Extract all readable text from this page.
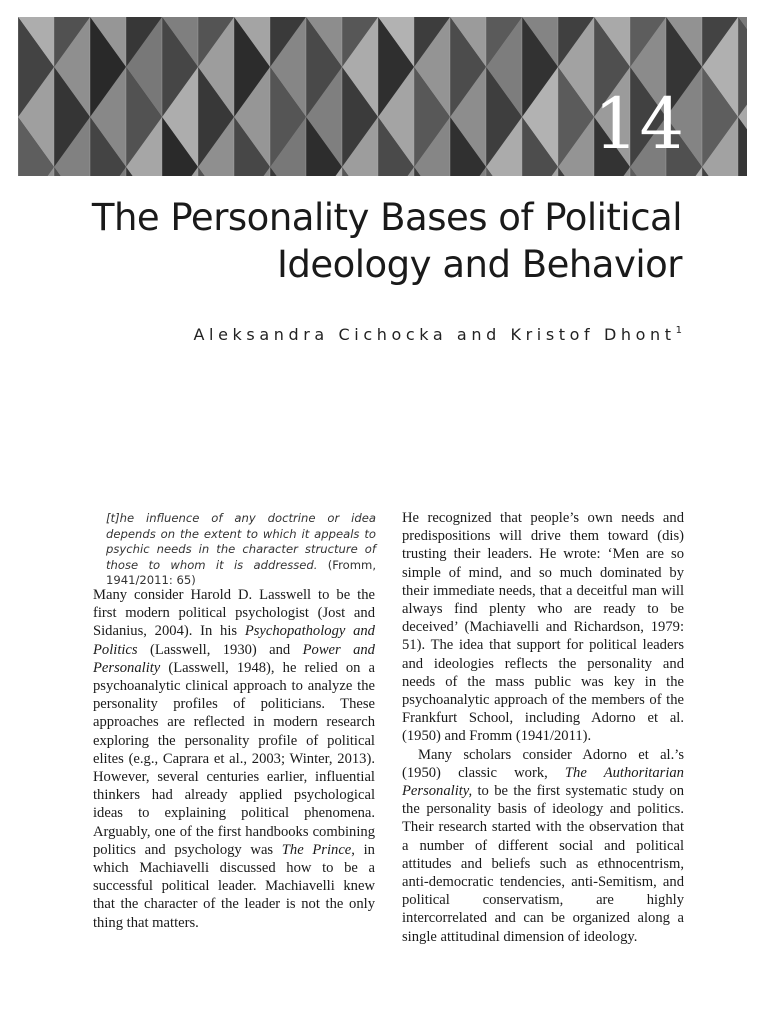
14
The Personality Bases of Political
Ideology and Behavior
Aleksandra Cichocka and Kristof Dhont$^1$
[t]he influence of any doctrine or idea depends on the extent to which it appeals to psychic needs in the character structure of those to whom it is addressed. (Fromm, 1941/2011: 65)

Many consider Harold D. Lasswell to be the first modern political psychologist (Jost and Sidanius, 2004). In his Psychopathology and Politics (Lasswell, 1930) and Power and Personality (Lasswell, 1948), he relied on a psychoanalytic clinical approach to analyze the personality profiles of politicians. These approaches are reflected in modern research exploring the personality profile of political elites (e.g., Caprara et al., 2003; Winter, 2013). However, several centuries earlier, influential thinkers had already applied psychological ideas to explaining political phenomena. Arguably, one of the first handbooks combining politics and psychology was The Prince, in which Machiavelli discussed how to be a successful political leader. Machiavelli knew that the character of the leader is not the only thing that matters.

He recognized that people’s own needs and predispositions will drive them toward (dis) trusting their leaders. He wrote: ‘Men are so simple of mind, and so much dominated by their immediate needs, that a deceitful man will always find plenty who are ready to be deceived’ (Machiavelli and Richardson, 1979: 51). The idea that support for political leaders and ideologies reflects the personality and needs of the mass public was key in the psychoanalytic approach of the members of the Frankfurt School, including Adorno et al. (1950) and Fromm (1941/2011).

Many scholars consider Adorno et al.’s (1950) classic work, The Authoritarian Personality, to be the first systematic study on the personality basis of ideology and politics. Their research started with the observation that a number of different social and political attitudes and beliefs such as ethnocentrism, anti-democratic tendencies, anti-Semitism, and political conservatism, are highly intercorrelated and can be organized along a single attitudinal dimension of ideology.
